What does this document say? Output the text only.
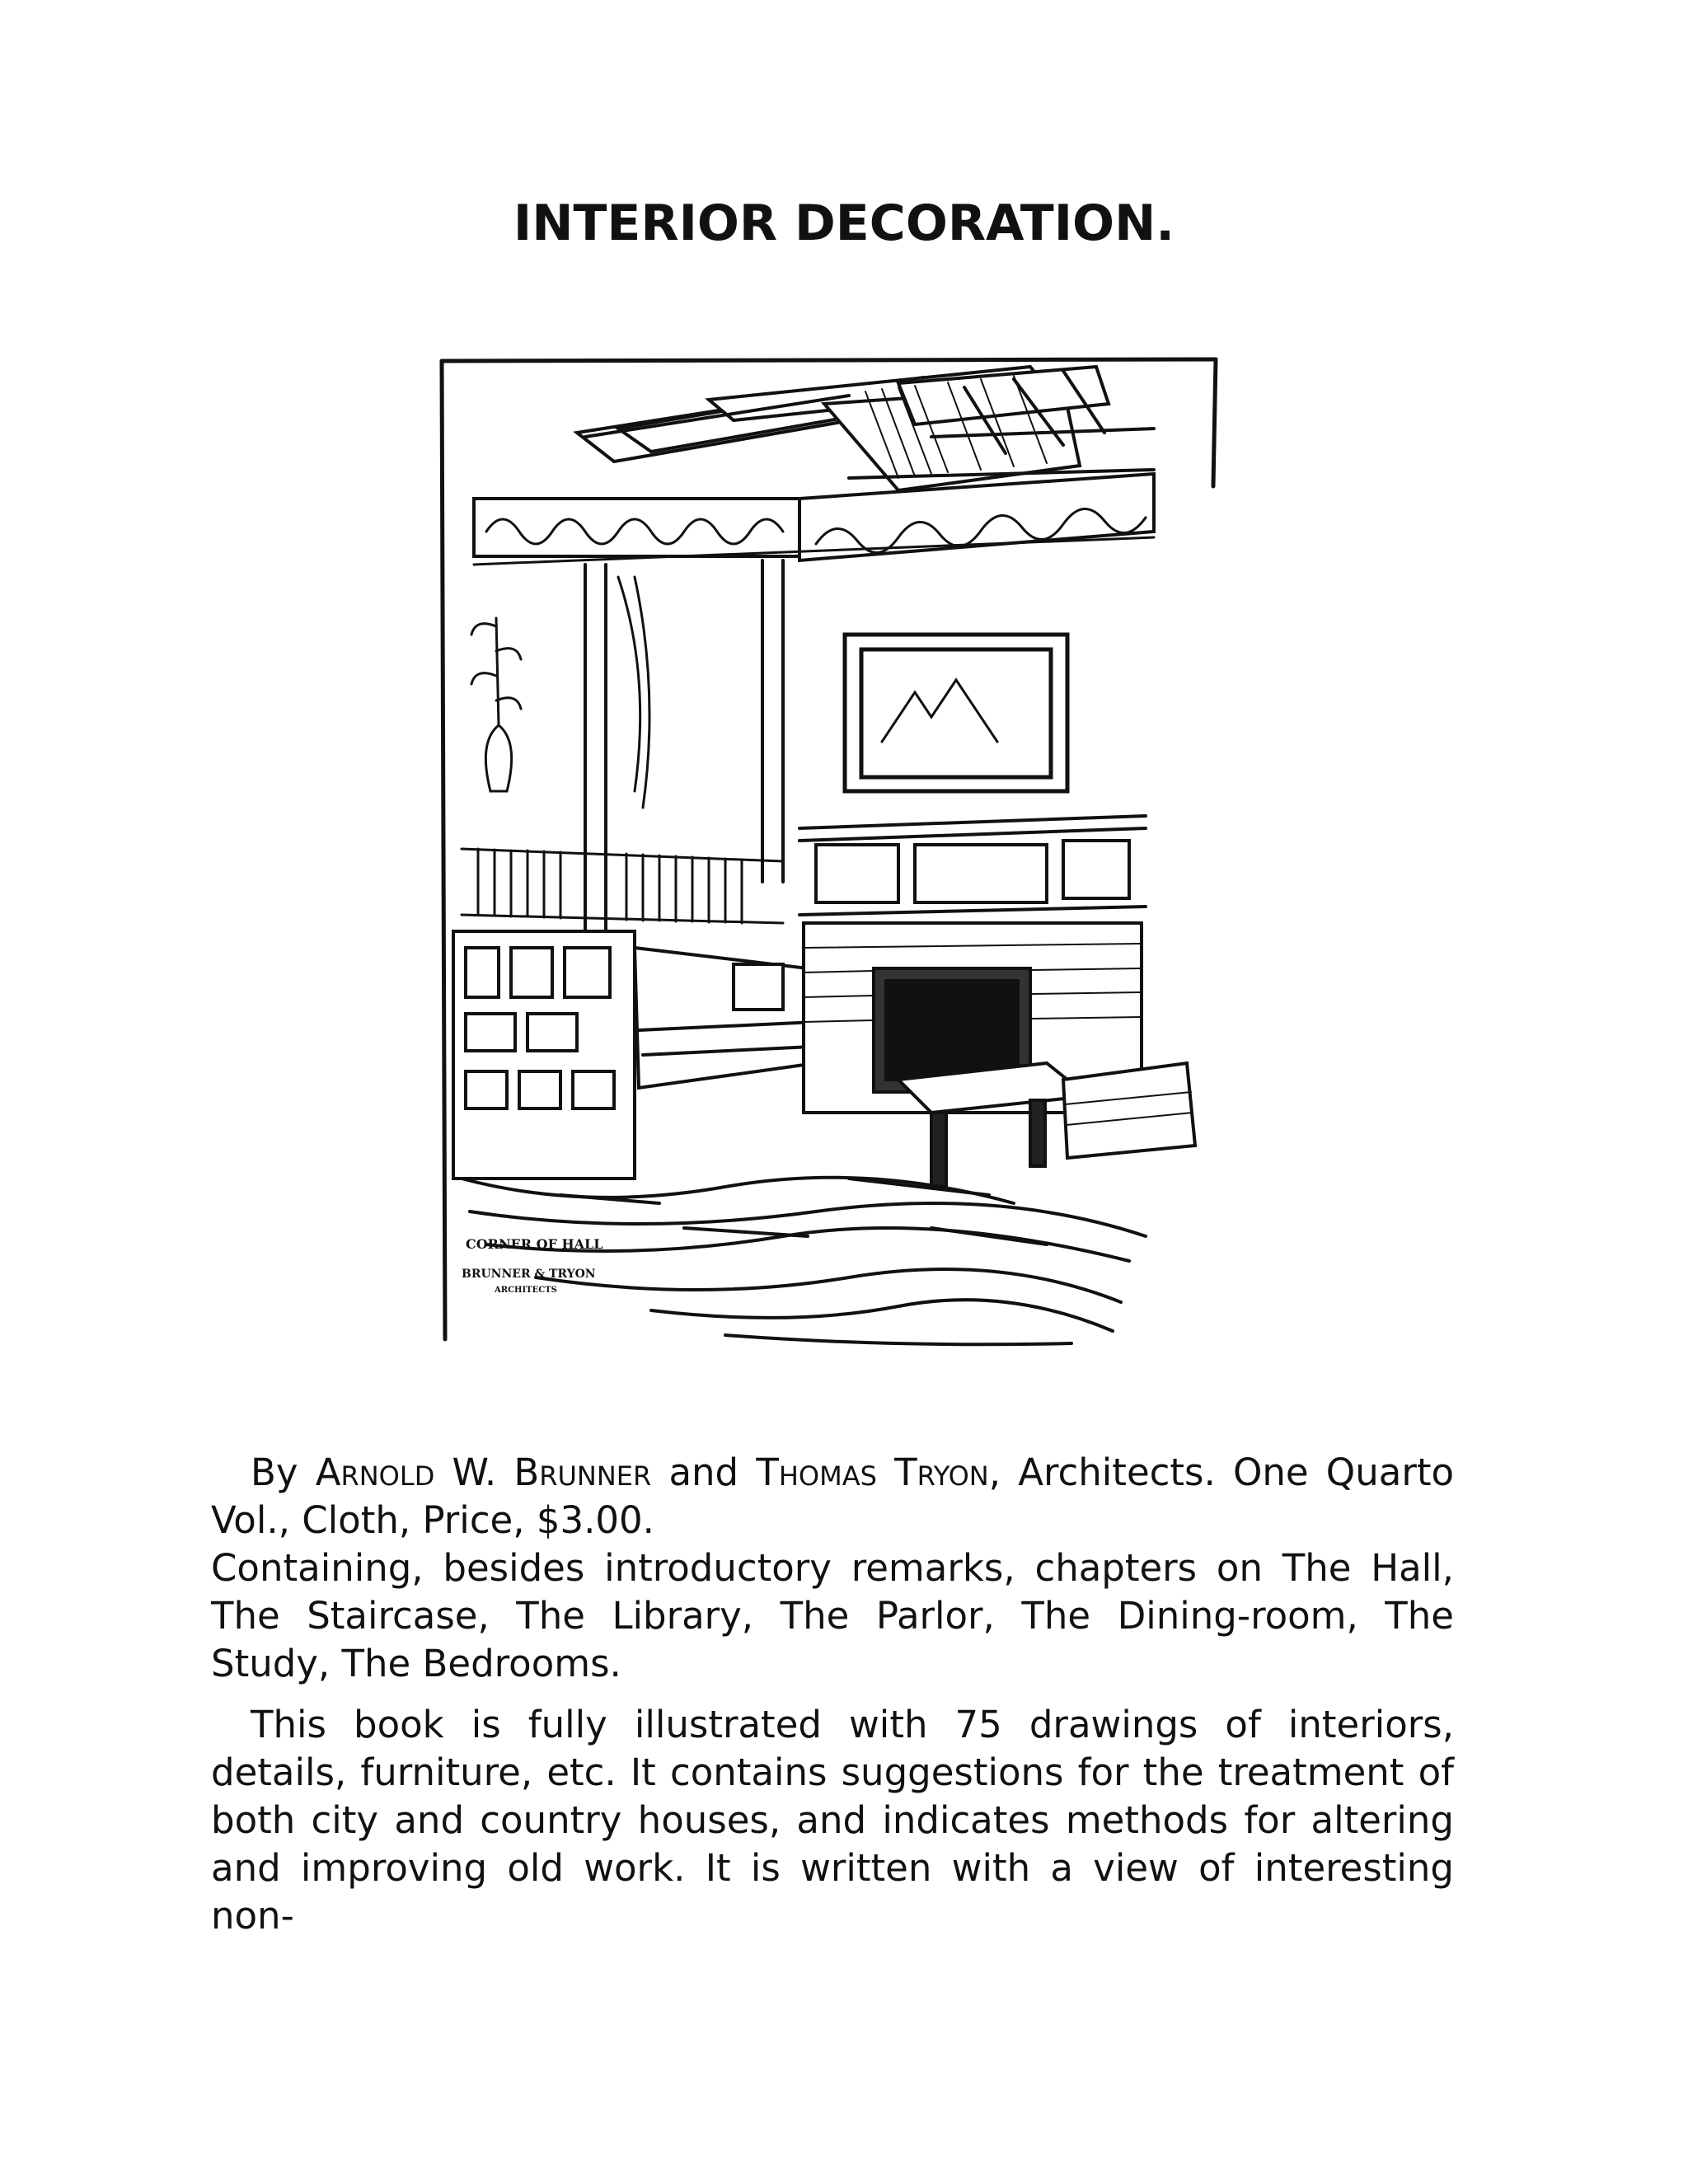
INTERIOR DECORATION.
CORNER OF HALL
BRUNNER & TRYON
ARCHITECTS

By Arnold W. Brunner and Thomas Tryon, Architects. One Quarto Vol., Cloth, Price, $3.00.

Containing, besides introductory remarks, chapters on The Hall, The Staircase, The Library, The Parlor, The Dining-room, The Study, The Bedrooms.

This book is fully illustrated with 75 drawings of interiors, details, furniture, etc. It contains suggestions for the treatment of both city and country houses, and indicates methods for altering and improving old work. It is written with a view of interesting non-
